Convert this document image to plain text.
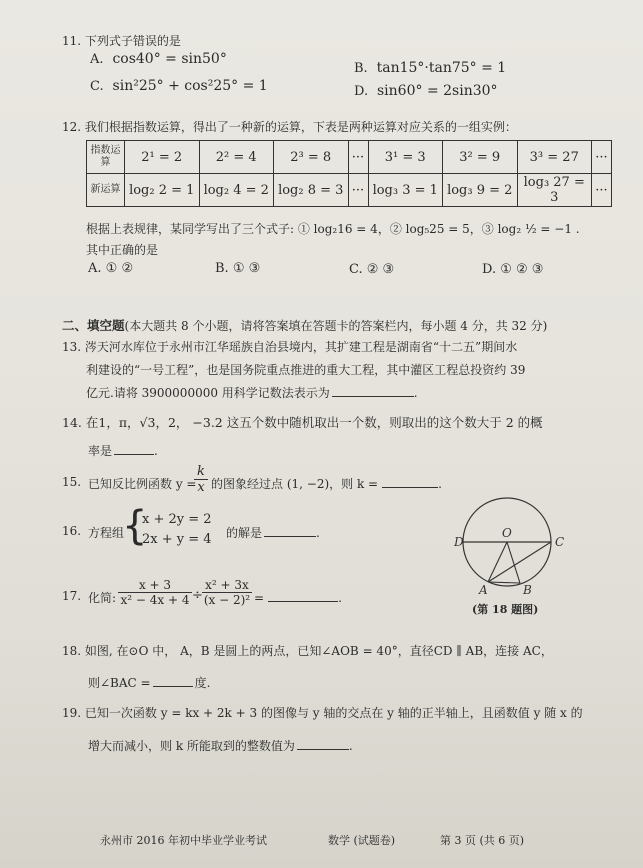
11. 下列式子错误的是
A. cos40° = sin50°
B. tan15°·tan75° = 1
C. sin²25° + cos²25° = 1	D. sin60° = 2sin30°
12. 我们根据指数运算，得出了一种新的运算，下表是两种运算对应关系的一组实例：
指数运算	2¹ = 2	2² = 4	2³ = 8	···	3¹ = 3	3² = 9	3³ = 27	···
新运算	log₂ 2 = 1	log₂ 4 = 2	log₂ 8 = 3	···	log₃ 3 = 1	log₃ 9 = 2	log₃ 27 = 3	···
根据上表规律，某同学写出了三个式子: ① log₂16 = 4，② log₅25 = 5，③ log₂ ½ = −1 .
其中正确的是
A. ① ②	B. ① ③	C. ② ③	D. ① ② ③
二、填空题(本大题共 8 个小题，请将答案填在答题卡的答案栏内，每小题 4 分，共 32 分)
13. 涔天河水库位于永州市江华瑶族自治县境内，其扩建工程是湖南省“十二五”期间水
利建设的“一号工程”，也是国务院重点推进的重大工程，其中灌区工程总投资约 39
亿元.请将 3900000000 用科学记数法表示为	.
14. 在1，π，√3，2， −3.2 这五个数中随机取出一个数，则取出的这个数大于 2 的概
率是	.
15. 已知反比例函数 y =
k
x 的图象经过点 (1, −2)，则 k =	.
16. 方程组
{
x + 2y = 2
2x + y = 4 的解是	.
D
O
C
A	B
(第 18 题图)
17. 化简:
x + 3
x² − 4x + 4 ÷
x² + 3x
(x − 2)² =	.
18. 如图, 在⊙O 中， A，B 是圆上的两点，已知∠AOB = 40°，直径CD ∥ AB，连接 AC，
则∠BAC =	度.
19. 已知一次函数 y = kx + 2k + 3 的图像与 y 轴的交点在 y 轴的正半轴上，且函数值 y 随 x 的
增大而减小，则 k 所能取到的整数值为	.
永州市 2016 年初中毕业学业考试	数学 (试题卷)	第 3 页 (共 6 页)
